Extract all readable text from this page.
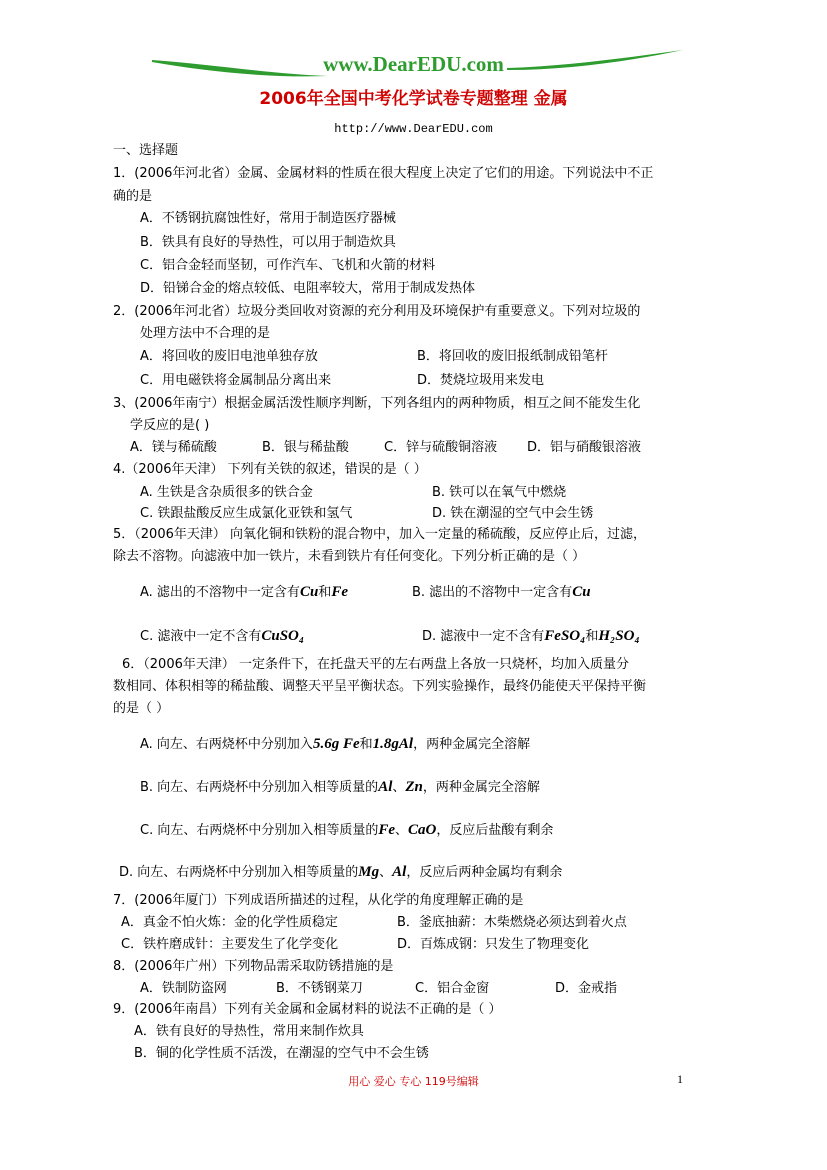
www.DearEDU.com
2006年全国中考化学试卷专题整理 金属
http://www.DearEDU.com
一、选择题
1．(2006年河北省）金属、金属材料的性质在很大程度上决定了它们的用途。下列说法中不正
确的是
A．不锈钢抗腐蚀性好，常用于制造医疗器械
B．铁具有良好的导热性，可以用于制造炊具
C．铝合金轻而坚韧，可作汽车、飞机和火箭的材料
D．铅锑合金的熔点较低、电阻率较大，常用于制成发热体
2．(2006年河北省）垃圾分类回收对资源的充分利用及环境保护有重要意义。下列对垃圾的
处理方法中不合理的是
A．将回收的废旧电池单独存放	B．将回收的废旧报纸制成铅笔杆
C．用电磁铁将金属制品分离出来	D．焚烧垃圾用来发电
3、(2006年南宁）根据金属活泼性顺序判断，下列各组内的两种物质，相互之间不能发生化
学反应的是( )
A．镁与稀硫酸	B．银与稀盐酸	C．锌与硫酸铜溶液 D．铝与硝酸银溶液
4.（2006年天津） 下列有关铁的叙述，错误的是（ ）
A. 生铁是含杂质很多的铁合金	B. 铁可以在氧气中燃烧
C. 铁跟盐酸反应生成氯化亚铁和氢气	D. 铁在潮湿的空气中会生锈
5．（2006年天津） 向氧化铜和铁粉的混合物中，加入一定量的稀硫酸，反应停止后，过滤，
除去不溶物。向滤液中加一铁片，未看到铁片有任何变化。下列分析正确的是（ ）
A. 滤出的不溶物中一定含有Cu和Fe	B. 滤出的不溶物中一定含有Cu
C. 滤液中一定不含有CuSO₄	D. 滤液中一定不含有FeSO₄和H₂SO₄
6．（2006年天津） 一定条件下，在托盘天平的左右两盘上各放一只烧杯，均加入质量分
数相同、体积相等的稀盐酸、调整天平呈平衡状态。下列实验操作，最终仍能使天平保持平衡
的是（ ）
A. 向左、右两烧杯中分别加入5.6g Fe和1.8gAl，两种金属完全溶解
B. 向左、右两烧杯中分别加入相等质量的Al、Zn，两种金属完全溶解
C. 向左、右两烧杯中分别加入相等质量的Fe、CaO，反应后盐酸有剩余
D. 向左、右两烧杯中分别加入相等质量的Mg、Al，反应后两种金属均有剩余
7．(2006年厦门）下列成语所描述的过程，从化学的角度理解正确的是
A．真金不怕火炼：金的化学性质稳定	B．釜底抽薪：木柴燃烧必须达到着火点
C．铁杵磨成针：主要发生了化学变化	D．百炼成钢：只发生了物理变化
8．(2006年广州）下列物品需采取防锈措施的是
A．铁制防盗网	B．不锈钢菜刀	C．铝合金窗	D．金戒指
9．(2006年南昌）下列有关金属和金属材料的说法不正确的是（ ）
A．铁有良好的导热性，常用来制作炊具
B．铜的化学性质不活泼，在潮湿的空气中不会生锈
用心 爱心 专心 119号编辑	1
